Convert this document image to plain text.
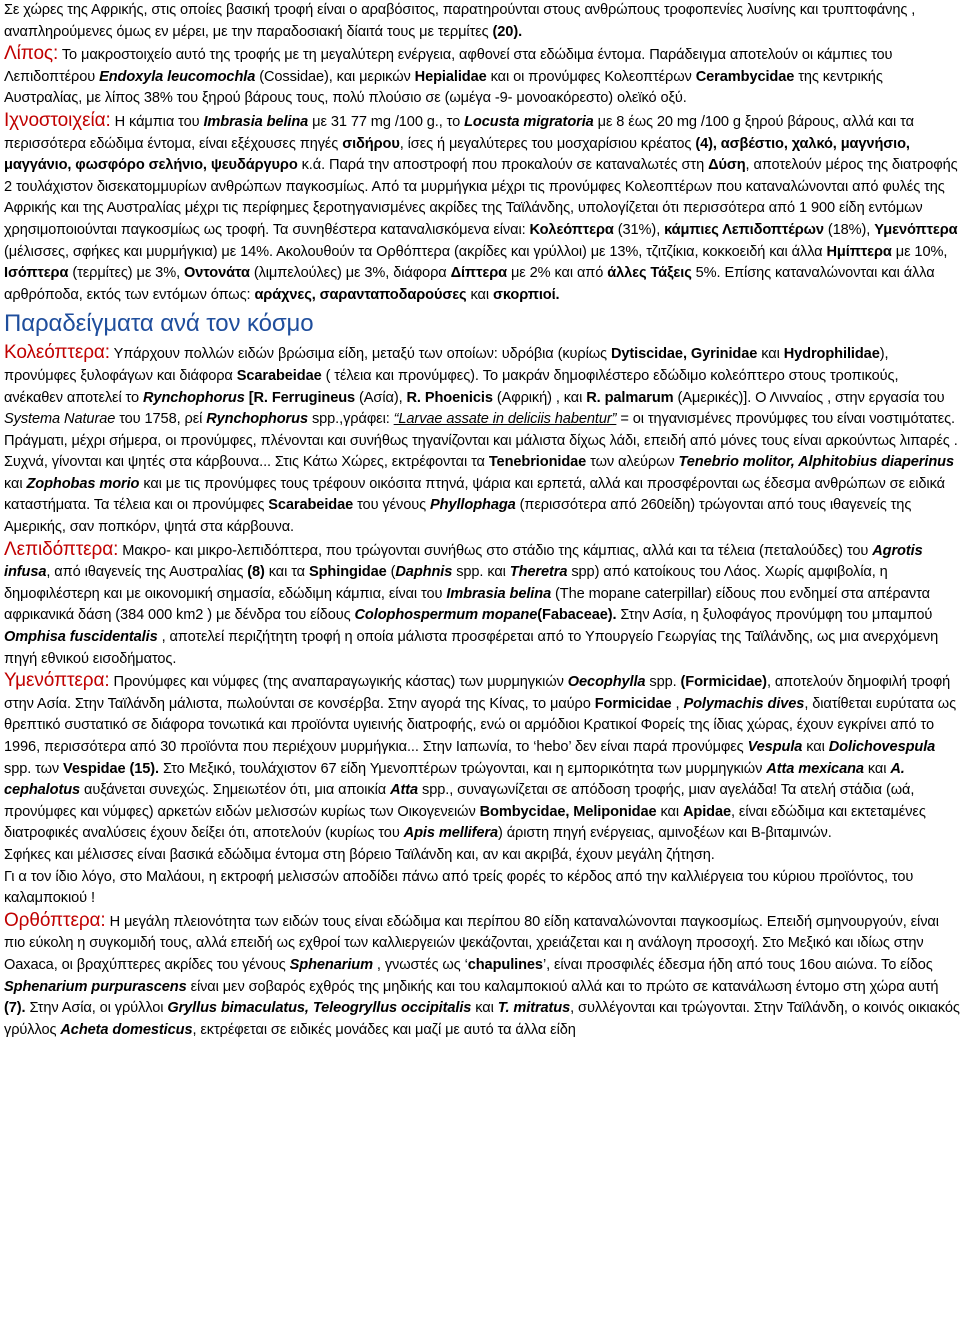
Σε χώρες της Αφρικής, στις οποίες βασική τροφή είναι ο αραβόσιτος, παρατηρούνται στους ανθρώπους τροφοπενίες λυσίνης και τρυπτοφάνης , αναπληρούμενες όμως εν μέρει, με την παραδοσιακή δίαιτά τους με τερμίτες (20).

Λίπος: Το μακροστοιχείο αυτό της τροφής με τη μεγαλύτερη ενέργεια, αφθονεί στα εδώδιμα έντομα. Παράδειγμα αποτελούν οι κάμπιες του Λεπιδοπτέρου Endoxyla leucomochla (Cossidae), και μερικών Hepialidae και οι προνύμφες Κολεοπτέρων Cerambycidae της κεντρικής Αυστραλίας, με λίπος 38% του ξηρού βάρους τους, πολύ πλούσιο σε (ωμέγα -9- μονοακόρεστο) ολεϊκό οξύ.

Ιχνοστοιχεία: Η κάμπια του Imbrasia belina με 31 77 mg /100 g., το Locusta migratoria με 8 έως 20 mg /100 g ξηρού βάρους, αλλά και τα περισσότερα εδώδιμα έντομα, είναι εξέχουσες πηγές σιδήρου, ίσες ή μεγαλύτερες του μοσχαρίσιου κρέατος (4), ασβέστιο, χαλκό, μαγνήσιο, μαγγάνιο, φωσφόρο σελήνιο, ψευδάργυρο κ.ά. Παρά την αποστροφή που προκαλούν σε καταναλωτές στη Δύση, αποτελούν μέρος της διατροφής 2 τουλάχιστον δισεκατομμυρίων ανθρώπων παγκοσμίως. Από τα μυρμήγκια μέχρι τις προνύμφες Κολεοπτέρων που καταναλώνονται από φυλές της Αφρικής και της Αυστραλίας μέχρι τις περίφημες ξεροτηγανισμένες ακρίδες της Ταϊλάνδης, υπολογίζεται ότι περισσότερα από 1 900 είδη εντόμων χρησιμοποιούνται παγκοσμίως ως τροφή. Τα συνηθέστερα καταναλισκόμενα είναι: Κολεόπτερα (31%), κάμπιες Λεπιδοπτέρων (18%), Υμενόπτερα (μέλισσες, σφήκες και μυρμήγκια) με 14%. Ακολουθούν τα Ορθόπτερα (ακρίδες και γρύλλοι) με 13%, τζιτζίκια, κοκκοειδή και άλλα Ημίπτερα με 10%, Ισόπτερα (τερμίτες) με 3%, Οντονάτα (λιμπελούλες) με 3%, διάφορα Δίπτερα με 2% και από άλλες Τάξεις 5%. Επίσης καταναλώνονται και άλλα αρθρόποδα, εκτός των εντόμων όπως: αράχνες, σαρανταποδαρούσες και σκορπιοί.

Παραδείγματα ανά τον κόσμο

Κολεόπτερα: Υπάρχουν πολλών ειδών βρώσιμα είδη, μεταξύ των οποίων: υδρόβια (κυρίως Dytiscidae, Gyrinidae και Hydrophilidae), προνύμφες ξυλοφάγων και διάφορα Scarabeidae ( τέλεια και προνύμφες). Το μακράν δημοφιλέστερο εδώδιμο κολεόπτερο στους τροπικούς, ανέκαθεν αποτελεί το Rynchophorus [R. Ferrugineus (Ασία), R. Phoenicis (Αφρική) , και R. palmarum (Αμερικές)]. Ο Λινναίος , στην εργασία του Systema Naturae του 1758, ρεί Rynchophorus spp.,γράφει: “Larvae assate in deliciis habentur” = οι τηγανισμένες προνύμφες του είναι νοστιμότατες. Πράγματι, μέχρι σήμερα, οι προνύμφες, πλένονται και συνήθως τηγανίζονται και μάλιστα δίχως λάδι, επειδή από μόνες τους είναι αρκούντως λιπαρές . Συχνά, γίνονται και ψητές στα κάρβουνα... Στις Κάτω Χώρες, εκτρέφονται τα Tenebrionidae των αλεύρων Tenebrio molitor, Alphitobius diaperinus και Zophobas morio και με τις προνύμφες τους τρέφουν οικόσιτα πτηνά, ψάρια και ερπετά, αλλά και προσφέρονται ως έδεσμα ανθρώπων σε ειδικά καταστήματα. Τα τέλεια και οι προνύμφες Scarabeidae του γένους Phyllophaga (περισσότερα από 260είδη) τρώγονται από τους ιθαγενείς της Αμερικής, σαν ποπκόρν, ψητά στα κάρβουνα.

Λεπιδόπτερα: Μακρο- και μικρο-λεπιδόπτερα, που τρώγονται συνήθως στο στάδιο της κάμπιας, αλλά και τα τέλεια (πεταλούδες) του Agrotis infusa, από ιθαγενείς της Αυστραλίας (8) και τα Sphingidae (Daphnis spp. και Theretra spp) από κατοίκους του Λάος. Χωρίς αμφιβολία, η δημοφιλέστερη και με οικονομική σημασία, εδώδιμη κάμπια, είναι του Imbrasia belina (The mopane caterpillar) είδους που ενδημεί στα απέραντα αφρικανικά δάση (384 000 km2 ) με δένδρα του είδους Colophospermum mopane(Fabaceae). Στην Ασία, η ξυλοφάγος προνύμφη του μπαμπού Omphisa fuscidentalis , αποτελεί περιζήτητη τροφή η οποία μάλιστα προσφέρεται από το Υπουργείο Γεωργίας της Ταϊλάνδης, ως μια ανερχόμενη πηγή εθνικού εισοδήματος.

Υμενόπτερα: Προνύμφες και νύμφες (της αναπαραγωγικής κάστας) των μυρμηγκιών Oecophylla spp. (Formicidae), αποτελούν δημοφιλή τροφή στην Ασία. Στην Ταϊλάνδη μάλιστα, πωλούνται σε κονσέρβα. Στην αγορά της Κίνας, το μαύρο Formicidae , Polymachis dives, διατίθεται ευρύτατα ως θρεπτικό συστατικό σε διάφορα τονωτικά και προϊόντα υγιεινής διατροφής, ενώ οι αρμόδιοι Κρατικοί Φορείς της ίδιας χώρας, έχουν εγκρίνει από το 1996, περισσότερα από 30 προϊόντα που περιέχουν μυρμήγκια... Στην Ιαπωνία, το ‘hebo’ δεν είναι παρά προνύμφες Vespula και Dolichovespula spp. των Vespidae (15). Στο Μεξικό, τουλάχιστον 67 είδη Υμενοπτέρων τρώγονται, και η εμπορικότητα των μυρμηγκιών Atta mexicana και A. cephalotus αυξάνεται συνεχώς. Σημειωτέον ότι, μια αποικία Atta spp., συναγωνίζεται σε απόδοση τροφής, μιαν αγελάδα! Τα ατελή στάδια (ωά, προνύμφες και νύμφες) αρκετών ειδών μελισσών κυρίως των Οικογενειών Bombycidae, Meliponidae και Apidae, είναι εδώδιμα και εκτεταμένες διατροφικές αναλύσεις έχουν δείξει ότι, αποτελούν (κυρίως του Apis mellifera) άριστη πηγή ενέργειας, αμινοξέων και Β-βιταμινών.

Σφήκες και μέλισσες είναι βασικά εδώδιμα έντομα στη βόρειο Ταϊλάνδη και, αν και ακριβά, έχουν μεγάλη ζήτηση.

Γι α τον ίδιο λόγο, στο Μαλάουι, η εκτροφή μελισσών αποδίδει πάνω από τρείς φορές το κέρδος από την καλλιέργεια του κύριου προϊόντος, του καλαμποκιού !

Ορθόπτερα: Η μεγάλη πλειονότητα των ειδών τους είναι εδώδιμα και περίπου 80 είδη καταναλώνονται παγκοσμίως. Επειδή σμηνουργούν, είναι πιο εύκολη η συγκομιδή τους, αλλά επειδή ως εχθροί των καλλιεργειών ψεκάζονται, χρειάζεται και η ανάλογη προσοχή. Στο Μεξικό και ιδίως στην Oaxaca, οι βραχύπτερες ακρίδες του γένους Sphenarium , γνωστές ως ‘chapulines’, είναι προσφιλές έδεσμα ήδη από τους 16ου αιώνα. Το είδος Sphenarium purpurascens είναι μεν σοβαρός εχθρός της μηδικής και του καλαμποκιού αλλά και το πρώτο σε κατανάλωση έντομο στη χώρα αυτή (7). Στην Ασία, οι γρύλλοι Gryllus bimaculatus, Teleogryllus occipitalis και T. mitratus, συλλέγονται και τρώγονται. Στην Ταϊλάνδη, ο κοινός οικιακός γρύλλος Acheta domesticus, εκτρέφεται σε ειδικές μονάδες και μαζί με αυτό τα άλλα είδη
